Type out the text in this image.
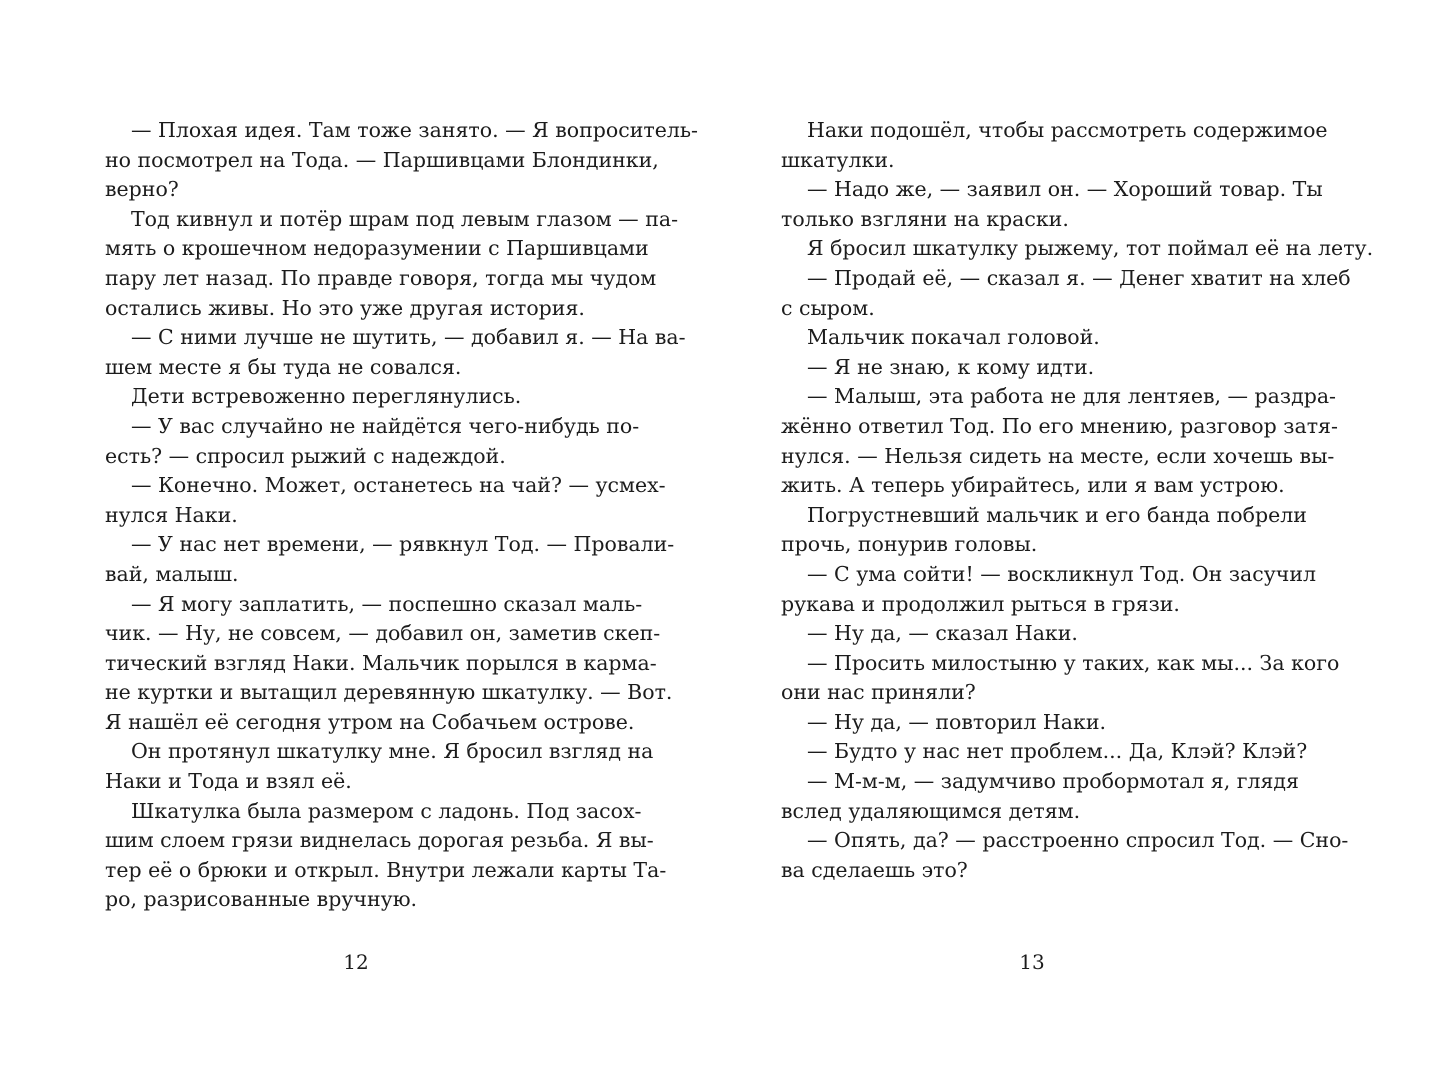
— Плохая идея. Там тоже занято. — Я вопроситель-
но посмотрел на Тода. — Паршивцами Блондинки,
верно?
Тод кивнул и потёр шрам под левым глазом — па-
мять о крошечном недоразумении с Паршивцами
пару лет назад. По правде говоря, тогда мы чудом
остались живы. Но это уже другая история.
— С ними лучше не шутить, — добавил я. — На ва-
шем месте я бы туда не совался.
Дети встревоженно переглянулись.
— У вас случайно не найдётся чего-нибудь по-
есть? — спросил рыжий с надеждой.
— Конечно. Может, останетесь на чай? — усмех-
нулся Наки.
— У нас нет времени, — рявкнул Тод. — Провали-
вай, малыш.
— Я могу заплатить, — поспешно сказал маль-
чик. — Ну, не совсем, — добавил он, заметив скеп-
тический взгляд Наки. Мальчик порылся в карма-
не куртки и вытащил деревянную шкатулку. — Вот.
Я нашёл её сегодня утром на Собачьем острове.
Он протянул шкатулку мне. Я бросил взгляд на
Наки и Тода и взял её.
Шкатулка была размером с ладонь. Под засох-
шим слоем грязи виднелась дорогая резьба. Я вы-
тер её о брюки и открыл. Внутри лежали карты Та-
ро, разрисованные вручную.
Наки подошёл, чтобы рассмотреть содержимое
шкатулки.
— Надо же, — заявил он. — Хороший товар. Ты
только взгляни на краски.
Я бросил шкатулку рыжему, тот поймал её на лету.
— Продай её, — сказал я. — Денег хватит на хлеб
с сыром.
Мальчик покачал головой.
— Я не знаю, к кому идти.
— Малыш, эта работа не для лентяев, — раздра-
жённо ответил Тод. По его мнению, разговор затя-
нулся. — Нельзя сидеть на месте, если хочешь вы-
жить. А теперь убирайтесь, или я вам устрою.
Погрустневший мальчик и его банда побрели
прочь, понурив головы.
— С ума сойти! — воскликнул Тод. Он засучил
рукава и продолжил рыться в грязи.
— Ну да, — сказал Наки.
— Просить милостыню у таких, как мы... За кого
они нас приняли?
— Ну да, — повторил Наки.
— Будто у нас нет проблем... Да, Клэй? Клэй?
— М-м-м, — задумчиво пробормотал я, глядя
вслед удаляющимся детям.
— Опять, да? — расстроенно спросил Тод. — Сно-
ва сделаешь это?
12	13
